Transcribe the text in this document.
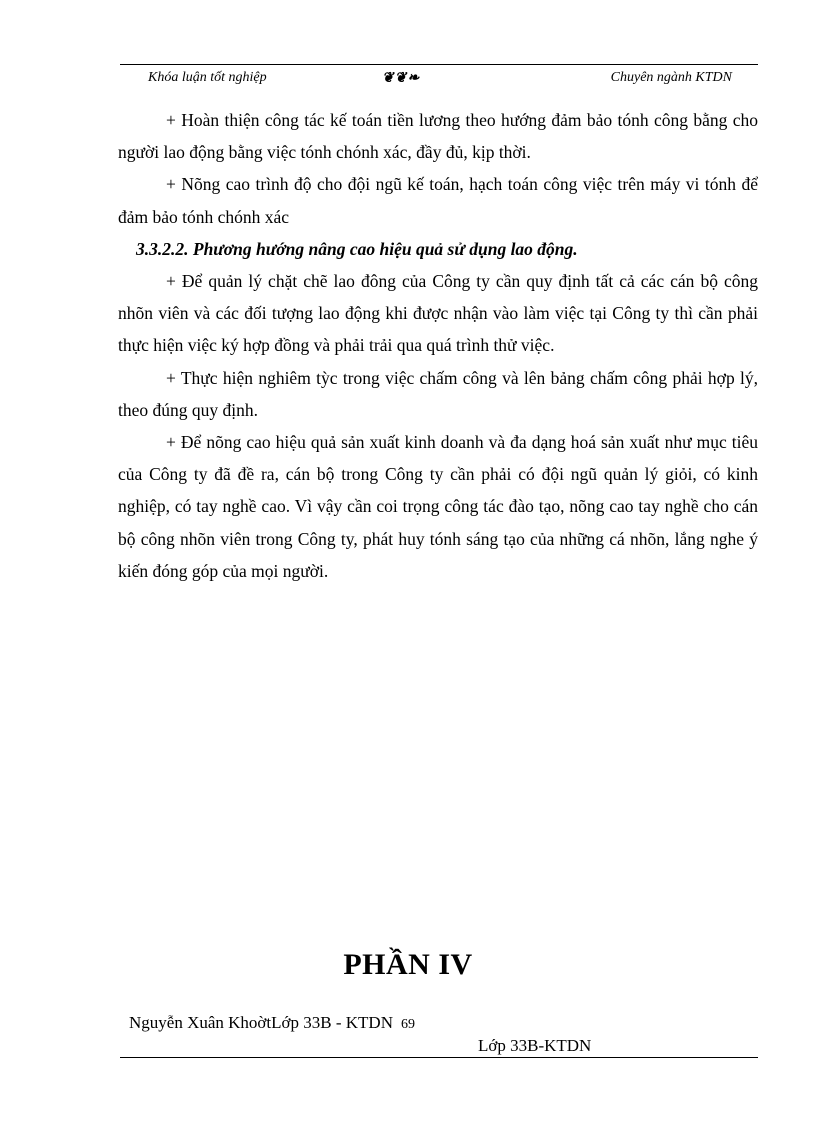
Khóa luận tốt nghiệp	❦❦❧	Chuyên ngành KTDN

+ Hoàn thiện công tác kế toán tiền lương theo hướng đảm bảo tónh công bằng cho người lao động bằng việc tónh chónh xác, đầy đủ, kịp thời.

+ Nõng cao trình độ cho đội ngũ kế toán, hạch toán công việc trên máy vi tónh để đảm bảo tónh chónh xác

3.3.2.2. Phương hướng nâng cao hiệu quả sử dụng lao động.

+ Để quản lý chặt chẽ lao đông của Công ty cần quy định tất cả các cán bộ công nhõn viên và các đối tượng lao động khi được nhận vào làm việc tại Công ty thì cần phải thực hiện việc ký hợp đồng và phải trải qua quá trình thử việc.

+ Thực hiện nghiêm tỳc trong việc chấm công và lên bảng chấm công phải hợp lý, theo đúng quy định.

+ Để nõng cao hiệu quả sản xuất kinh doanh và đa dạng hoá sản xuất như mục tiêu của Công ty đã đề ra, cán bộ trong Công ty cần phải có đội ngũ quản lý giỏi, có kinh nghiệp, có tay nghề cao. Vì vậy cần coi trọng công tác đào tạo, nõng cao tay nghề cho cán bộ công nhõn viên trong Công ty, phát huy tónh sáng tạo của những cá nhõn, lắng nghe ý kiến đóng góp của mọi người.

PHẦN IV
Nguyễn Xuân KhoờtLớp 33B - KTDN 69
Lớp 33B-KTDN
